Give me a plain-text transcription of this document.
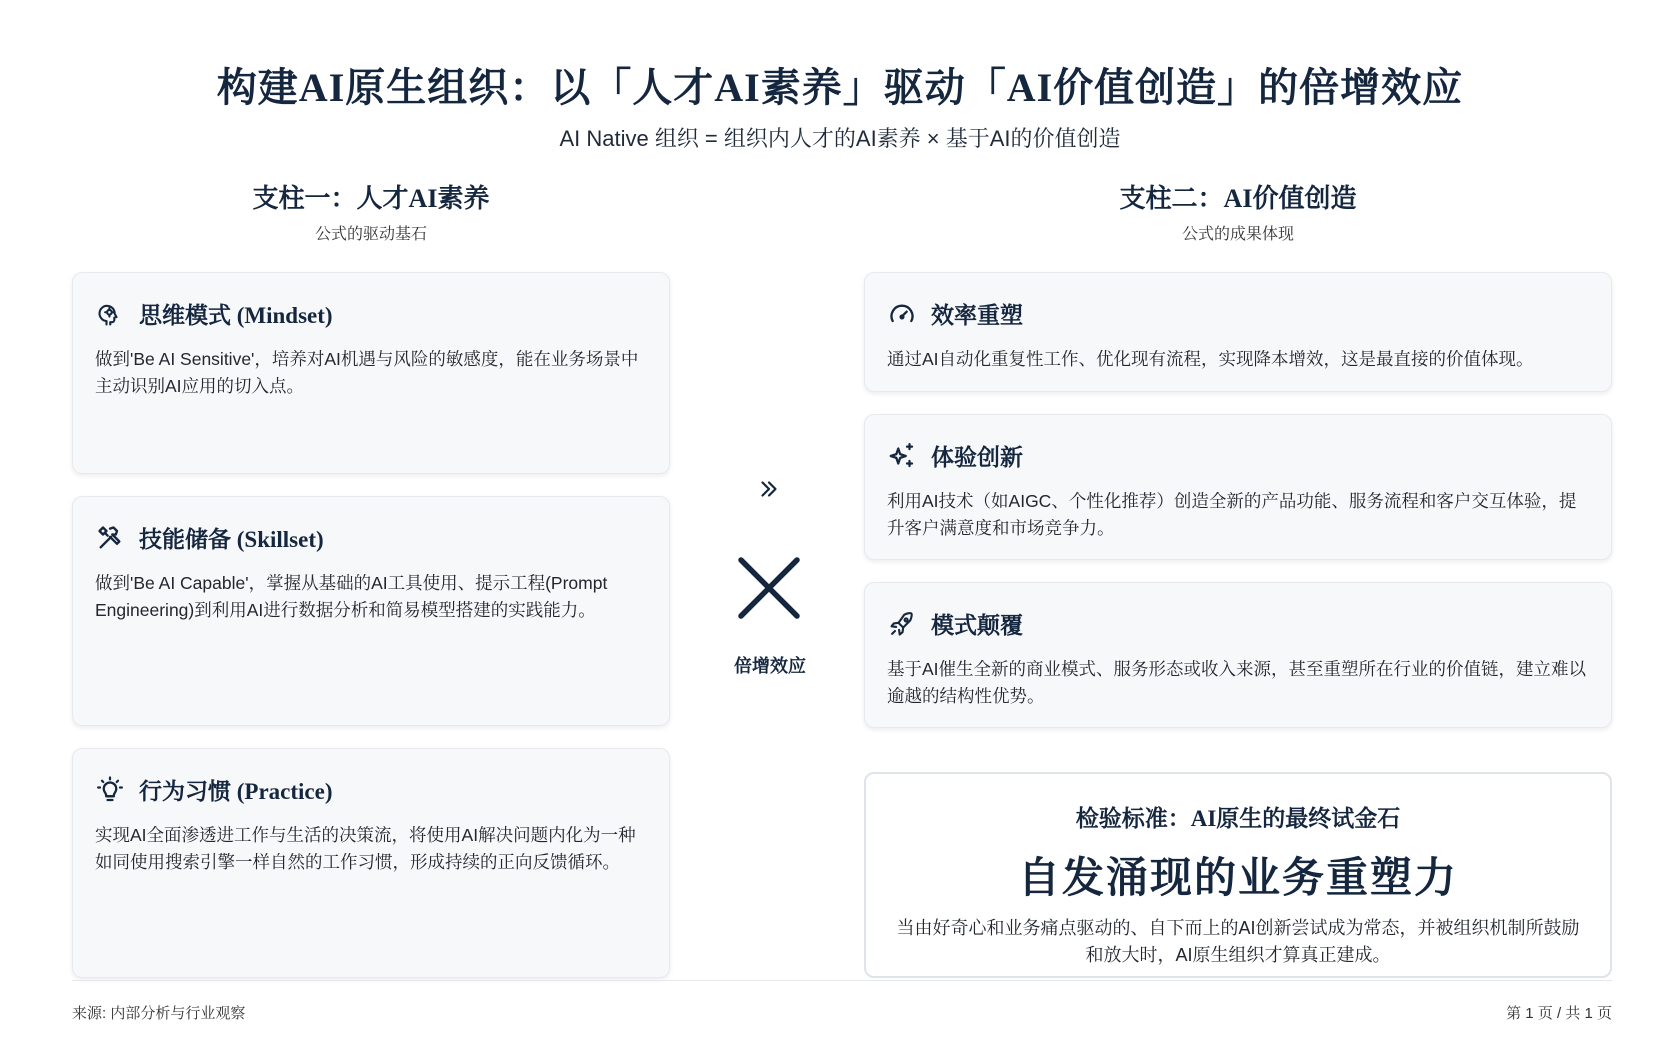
构建AI原生组织：以「人才AI素养」驱动「AI价值创造」的倍增效应
AI Native 组织 = 组织内人才的AI素养 × 基于AI的价值创造
支柱一：人才AI素养
公式的驱动基石
支柱二：AI价值创造
公式的成果体现
思维模式 (Mindset)
做到'Be AI Sensitive'，培养对AI机遇与风险的敏感度，能在业务场景中主动识别AI应用的切入点。
技能储备 (Skillset)
做到'Be AI Capable'，掌握从基础的AI工具使用、提示工程(Prompt Engineering)到利用AI进行数据分析和简易模型搭建的实践能力。
行为习惯 (Practice)
实现AI全面渗透进工作与生活的决策流，将使用AI解决问题内化为一种如同使用搜索引擎一样自然的工作习惯，形成持续的正向反馈循环。
倍增效应
效率重塑
通过AI自动化重复性工作、优化现有流程，实现降本增效，这是最直接的价值体现。
体验创新
利用AI技术（如AIGC、个性化推荐）创造全新的产品功能、服务流程和客户交互体验，提升客户满意度和市场竞争力。
模式颠覆
基于AI催生全新的商业模式、服务形态或收入来源，甚至重塑所在行业的价值链，建立难以逾越的结构性优势。
检验标准：AI原生的最终试金石
自发涌现的业务重塑力
当由好奇心和业务痛点驱动的、自下而上的AI创新尝试成为常态，并被组织机制所鼓励和放大时，AI原生组织才算真正建成。
来源: 内部分析与行业观察	第 1 页 / 共 1 页
